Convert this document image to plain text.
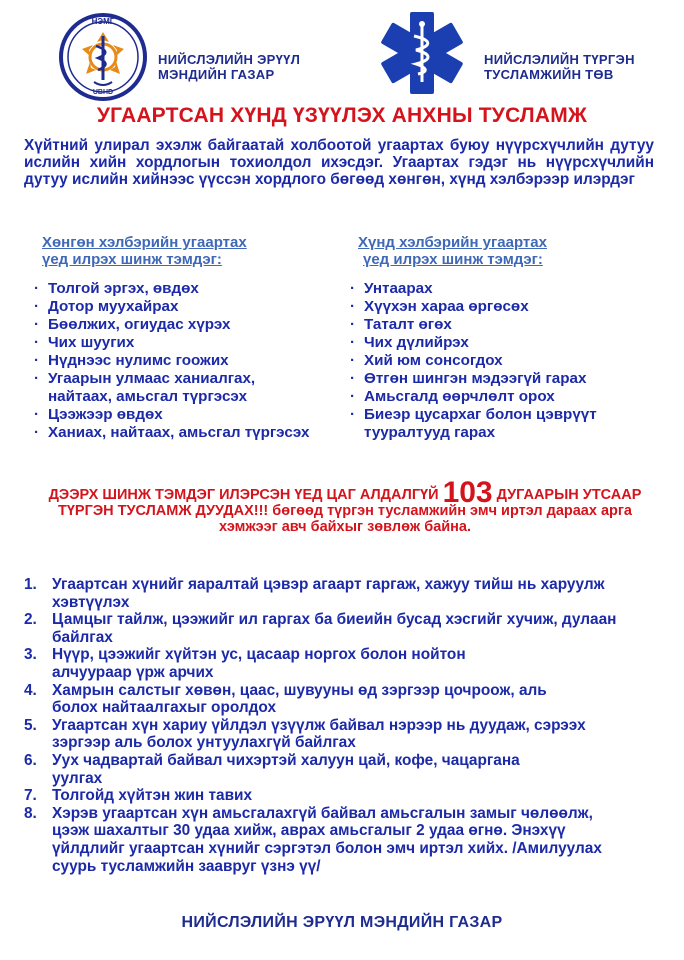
НЭМГ
UBHD
НИЙСЛЭЛИЙН ЭРҮҮЛ
МЭНДИЙН ГАЗАР
НИЙСЛЭЛИЙН ТҮРГЭН
ТУСЛАМЖИЙН ТӨВ
УГААРТСАН ХҮНД ҮЗҮҮЛЭХ АНХНЫ ТУСЛАМЖ
Хүйтний улирал эхэлж байгаатай холбоотой угаартах буюу нүүрсхүчлийн дутуу ислийн хийн хордлогын тохиолдол ихэсдэг. Угаартах гэдэг нь нүүрсхүчлийн дутуу ислийн хийнээс үүссэн хордлого бөгөөд хөнгөн, хүнд хэлбэрээр илэрдэг
Хөнгөн хэлбэрийн угаартах
үед илрэх шинж тэмдэг:
· Толгой эргэх, өвдөх
· Дотор муухайрах
· Бөөлжих, огиудас хүрэх
· Чих шуугих
· Нүднээс нулимс гоожих
· Угаарын улмаас ханиалгах, найтаах, амьсгал түргэсэх
· Цээжээр өвдөх
· Ханиах, найтаах, амьсгал түргэсэх
Хүнд хэлбэрийн угаартах
үед илрэх шинж тэмдэг:
· Унтаарах
· Хүүхэн хараа өргөсөх
· Таталт өгөх
· Чих дүлийрэх
· Хий юм сонсогдох
· Өтгөн шингэн мэдээгүй гарах
· Амьсгалд өөрчлөлт орох
· Биеэр цусархаг болон цэврүүт тууралтууд гарах
ДЭЭРХ ШИНЖ ТЭМДЭГ ИЛЭРСЭН ҮЕД ЦАГ АЛДАЛГҮЙ 103 ДУГААРЫН УТСААР ТҮРГЭН ТУСЛАМЖ ДУУДАХ!!! бөгөөд түргэн тусламжийн эмч иртэл дараах арга хэмжээг авч байхыг зөвлөж байна.
1. Угаартсан хүнийг яаралтай цэвэр агаарт гаргаж, хажуу тийш нь харуулж хэвтүүлэх
2. Цамцыг тайлж, цээжийг ил гаргах ба биеийн бусад хэсгийг хучиж, дулаан байлгах
3. Нүүр, цээжийг хүйтэн ус, цасаар норгох болон нойтон алчуураар үрж арчих
4. Хамрын салстыг хөвөн, цаас, шувууны өд зэргээр цочроож, аль болох найтаалгахыг оролдох
5. Угаартсан хүн хариу үйлдэл үзүүлж байвал нэрээр нь дуудаж, сэрээх зэргээр аль болох унтуулахгүй байлгах
6. Уух чадвартай байвал чихэртэй халуун цай, кофе, чацаргана уулгах
7. Толгойд хүйтэн жин тавих
8. Хэрэв угаартсан хүн амьсгалахгүй байвал амьсгалын замыг чөлөөлж, цээж шахалтыг 30 удаа хийж, аврах амьсгалыг 2 удаа өгнө. Энэхүү үйлдлийг угаартсан хүнийг сэргэтэл болон эмч иртэл хийх. /Амилуулах суурь тусламжийн заавруг үзнэ үү/
НИЙСЛЭЛИЙН ЭРҮҮЛ МЭНДИЙН ГАЗАР
